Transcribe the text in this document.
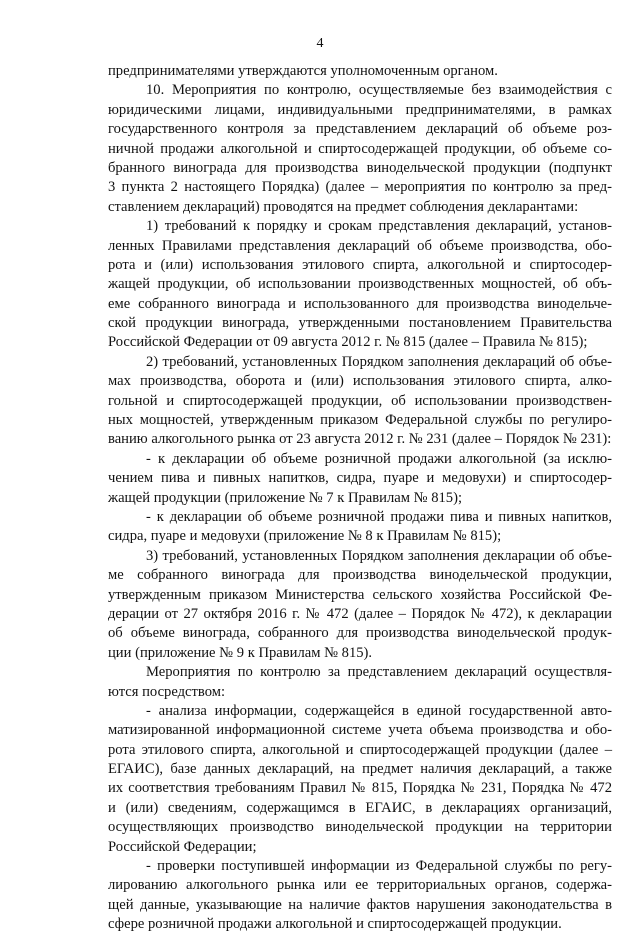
4
предпринимателями утверждаются уполномоченным органом.
10. Мероприятия по контролю, осуществляемые без взаимодействия с
юридическими лицами, индивидуальными предпринимателями, в рамках
государственного контроля за представлением деклараций об объеме роз-
ничной продажи алкогольной и спиртосодержащей продукции, об объеме со-
бранного винограда для производства винодельческой продукции (подпункт
3 пункта 2 настоящего Порядка) (далее – мероприятия по контролю за пред-
ставлением деклараций) проводятся на предмет соблюдения декларантами:
1) требований к порядку и срокам представления деклараций, установ-
ленных Правилами представления деклараций об объеме производства, обо-
рота и (или) использования этилового спирта, алкогольной и спиртосодер-
жащей продукции, об использовании производственных мощностей, об объ-
еме собранного винограда и использованного для производства винодельче-
ской продукции винограда, утвержденными постановлением Правительства
Российской Федерации от 09 августа 2012 г. № 815 (далее – Правила № 815);
2) требований, установленных Порядком заполнения деклараций об объе-
мах производства, оборота и (или) использования этилового спирта, алко-
гольной и спиртосодержащей продукции, об использовании производствен-
ных мощностей, утвержденным приказом Федеральной службы по регулиро-
ванию алкогольного рынка от 23 августа 2012 г. № 231 (далее – Порядок № 231):
- к декларации об объеме розничной продажи алкогольной (за исклю-
чением пива и пивных напитков, сидра, пуаре и медовухи) и спиртосодер-
жащей продукции (приложение № 7 к Правилам № 815);
- к декларации об объеме розничной продажи пива и пивных напитков,
сидра, пуаре и медовухи (приложение № 8 к Правилам № 815);
3) требований, установленных Порядком заполнения декларации об объе-
ме собранного винограда для производства винодельческой продукции,
утвержденным приказом Министерства сельского хозяйства Российской Фе-
дерации от 27 октября 2016 г. № 472 (далее – Порядок № 472), к декларации
об объеме винограда, собранного для производства винодельческой продук-
ции (приложение № 9 к Правилам № 815).
Мероприятия по контролю за представлением деклараций осуществля-
ются посредством:
- анализа информации, содержащейся в единой государственной авто-
матизированной информационной системе учета объема производства и обо-
рота этилового спирта, алкогольной и спиртосодержащей продукции (далее –
ЕГАИС), базе данных деклараций, на предмет наличия деклараций, а также
их соответствия требованиям Правил № 815, Порядка № 231, Порядка № 472
и (или) сведениям, содержащимся в ЕГАИС, в декларациях организаций,
осуществляющих производство винодельческой продукции на территории
Российской Федерации;
- проверки поступившей информации из Федеральной службы по регу-
лированию алкогольного рынка или ее территориальных органов, содержа-
щей данные, указывающие на наличие фактов нарушения законодательства в
сфере розничной продажи алкогольной и спиртосодержащей продукции.
